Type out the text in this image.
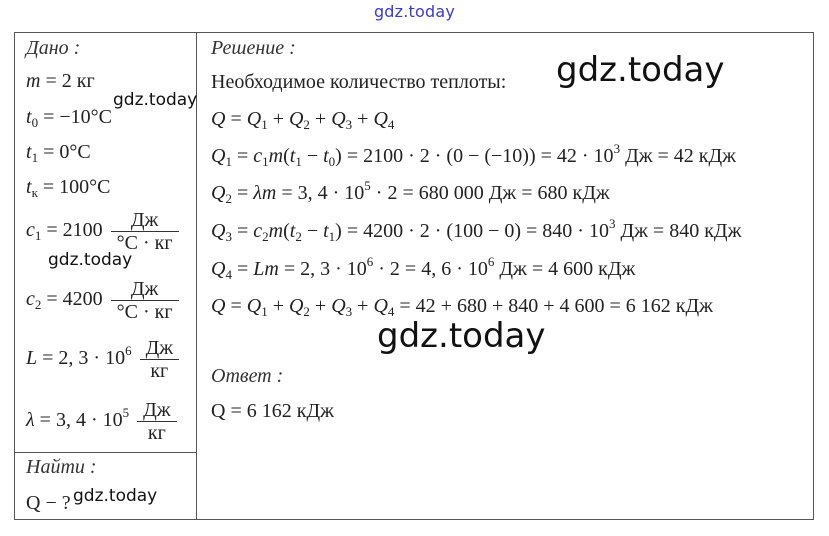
gdz.today
Дано :
m = 2 кг
$t_0 = -10^\circ C$
$t_1 = 0^\circ C$
$t_к = 100^\circ C$
$c_1 = 2100 \frac{Дж}{^\circ C \cdot кг}$
$c_2 = 4200 \frac{Дж}{^\circ C \cdot кг}$
L = 2, $3 \cdot 10^6 \frac{Дж}{кг}$
λ = 3, $4 \cdot 10^5 \frac{Дж}{кг}$
Найти :
Q − ?
Решение :
Необходимое количество теплоты:
$Q = Q_1 + Q_2 + Q_3 + Q_4$
$Q_1 = c_1m(t_1 - t_0) = 2100 \cdot 2 \cdot (0 - (-10)) = 42 \cdot 10^3$ Дж = 42 кДж
$Q_2 = \lambda m = 3$, $4 \cdot 10^5 \cdot 2 = 680$ 000 Дж = 680 кДж
$Q_3 = c_2m(t_2 - t_1) = 4200 \cdot 2 \cdot (100 - 0) = 840 \cdot 10^3$ Дж = 840 кДж
$Q_4 = Lm = 2$, $3 \cdot 10^6 \cdot 2 = 4$, $6 \cdot 10^6$ Дж = 4 600 кДж
$Q = Q_1 + Q_2 + Q_3 + Q_4 = 42 + 680 + 840 + 4$ 600 = 6 162 кДж
Ответ :
Q = 6 162 кДж
gdz.today
gdz.today
gdz.today
gdz.today
gdz.today
